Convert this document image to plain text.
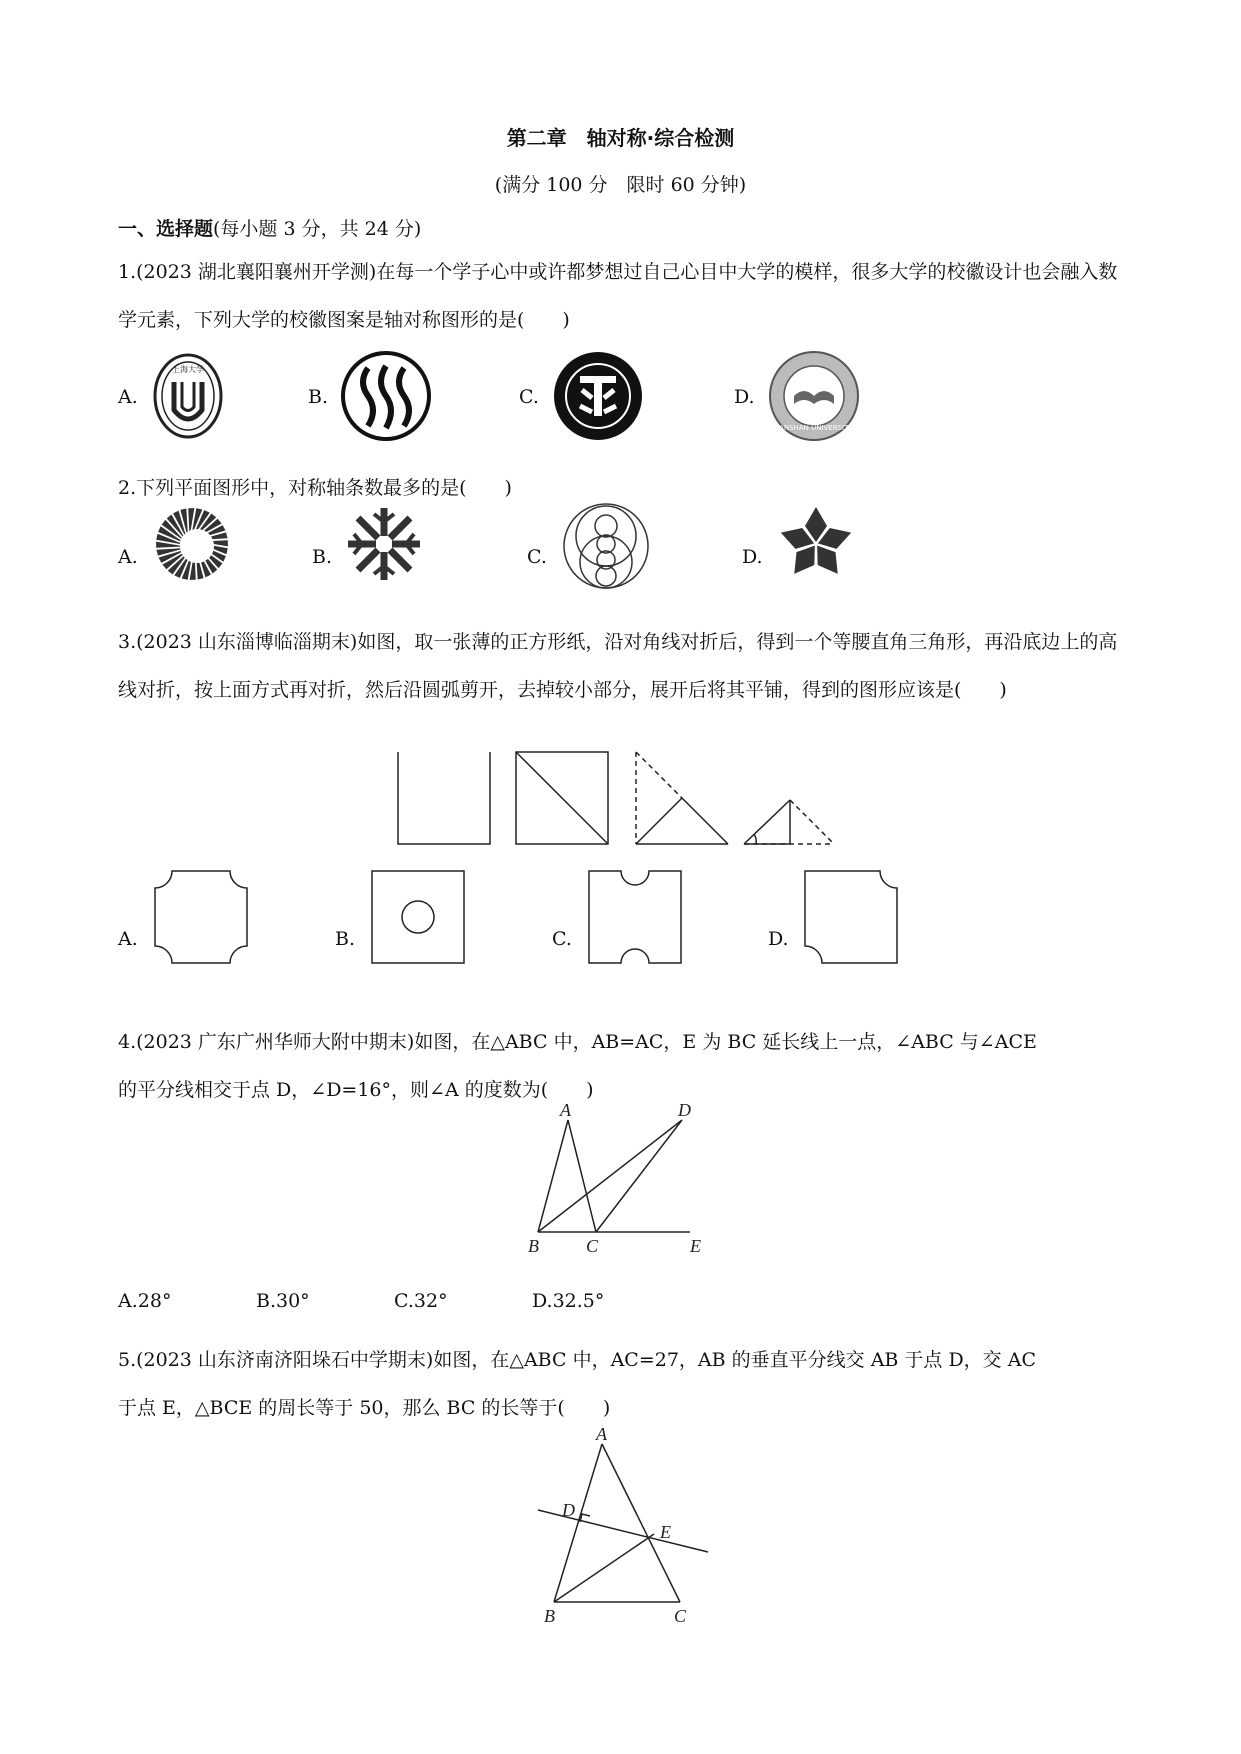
第二章　轴对称·综合检测
(满分 100 分　限时 60 分钟)
一、选择题(每小题 3 分，共 24 分)
1.(2023 湖北襄阳襄州开学测)在每一个学子心中或许都梦想过自己心目中大学的模样，很多大学的校徽设计也会融入数学元素，下列大学的校徽图案是轴对称图形的是(　　)
A.	B.	C.	D.
上海大学
YANSHAN UNIVERSITY
2.下列平面图形中，对称轴条数最多的是(　　)
A.	B.	C.	D.
3.(2023 山东淄博临淄期末)如图，取一张薄的正方形纸，沿对角线对折后，得到一个等腰直角三角形，再沿底边上的高线对折，按上面方式再对折，然后沿圆弧剪开，去掉较小部分，展开后将其平铺，得到的图形应该是(　　)
A.	B.	C.	D.
4.(2023 广东广州华师大附中期末)如图，在△ABC 中，AB=AC，E 为 BC 延长线上一点，∠ABC 与∠ACE
的平分线相交于点 D，∠D=16°，则∠A 的度数为(　　)
A	D
B	C	E
A.28°	B.30°	C.32°	D.32.5°
5.(2023 山东济南济阳垛石中学期末)如图，在△ABC 中，AC=27，AB 的垂直平分线交 AB 于点 D，交 AC
于点 E，△BCE 的周长等于 50，那么 BC 的长等于(　　)
A
D
E
B	C
